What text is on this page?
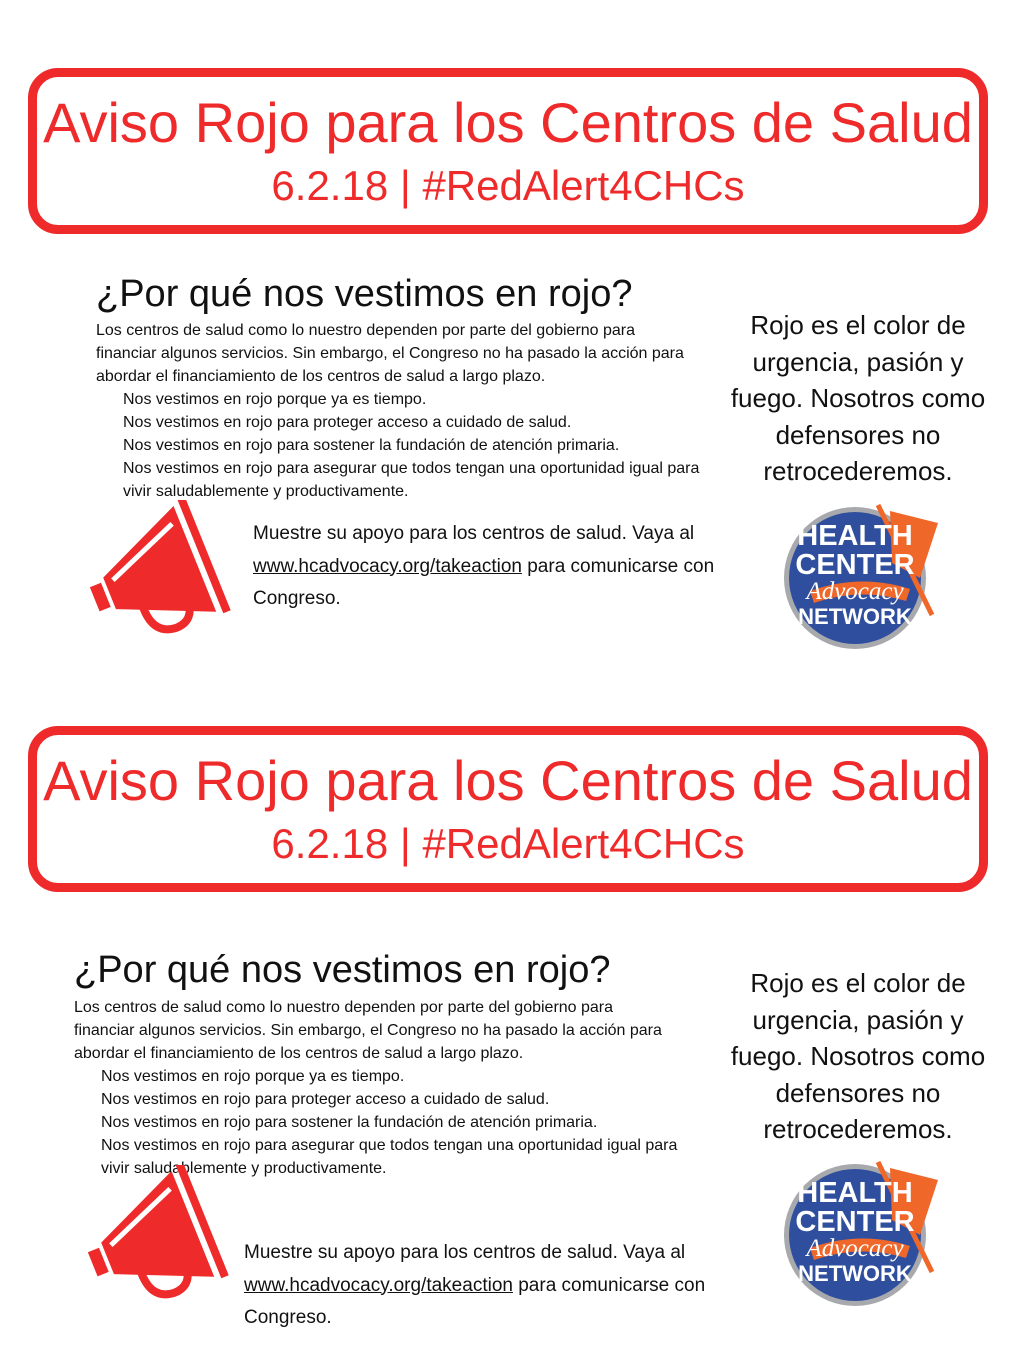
Aviso Rojo para los Centros de Salud
6.2.18 | #RedAlert4CHCs
¿Por qué nos vestimos en rojo?
Los centros de salud como lo nuestro dependen por parte del gobierno para financiar algunos servicios. Sin embargo, el Congreso no ha pasado la acción para abordar el financiamiento de los centros de salud a largo plazo.
Nos vestimos en rojo porque ya es tiempo.
Nos vestimos en rojo para proteger acceso a cuidado de salud.
Nos vestimos en rojo para sostener la fundación de atención primaria.
Nos vestimos en rojo para asegurar que todos tengan una oportunidad igual para vivir saludablemente y productivamente.
Rojo es el color de urgencia, pasión y fuego. Nosotros como defensores no retrocederemos.
Muestre su apoyo para los centros de salud. Vaya al www.hcadvocacy.org/takeaction para comunicarse con Congreso.
HEALTH
CENTER
Advocacy
NETWORK
Aviso Rojo para los Centros de Salud
6.2.18 | #RedAlert4CHCs
¿Por qué nos vestimos en rojo?
Los centros de salud como lo nuestro dependen por parte del gobierno para financiar algunos servicios. Sin embargo, el Congreso no ha pasado la acción para abordar el financiamiento de los centros de salud a largo plazo.
Nos vestimos en rojo porque ya es tiempo.
Nos vestimos en rojo para proteger acceso a cuidado de salud.
Nos vestimos en rojo para sostener la fundación de atención primaria.
Nos vestimos en rojo para asegurar que todos tengan una oportunidad igual para vivir saludablemente y productivamente.
Rojo es el color de urgencia, pasión y fuego. Nosotros como defensores no retrocederemos.
Muestre su apoyo para los centros de salud. Vaya al www.hcadvocacy.org/takeaction para comunicarse con Congreso.
HEALTH
CENTER
Advocacy
NETWORK
